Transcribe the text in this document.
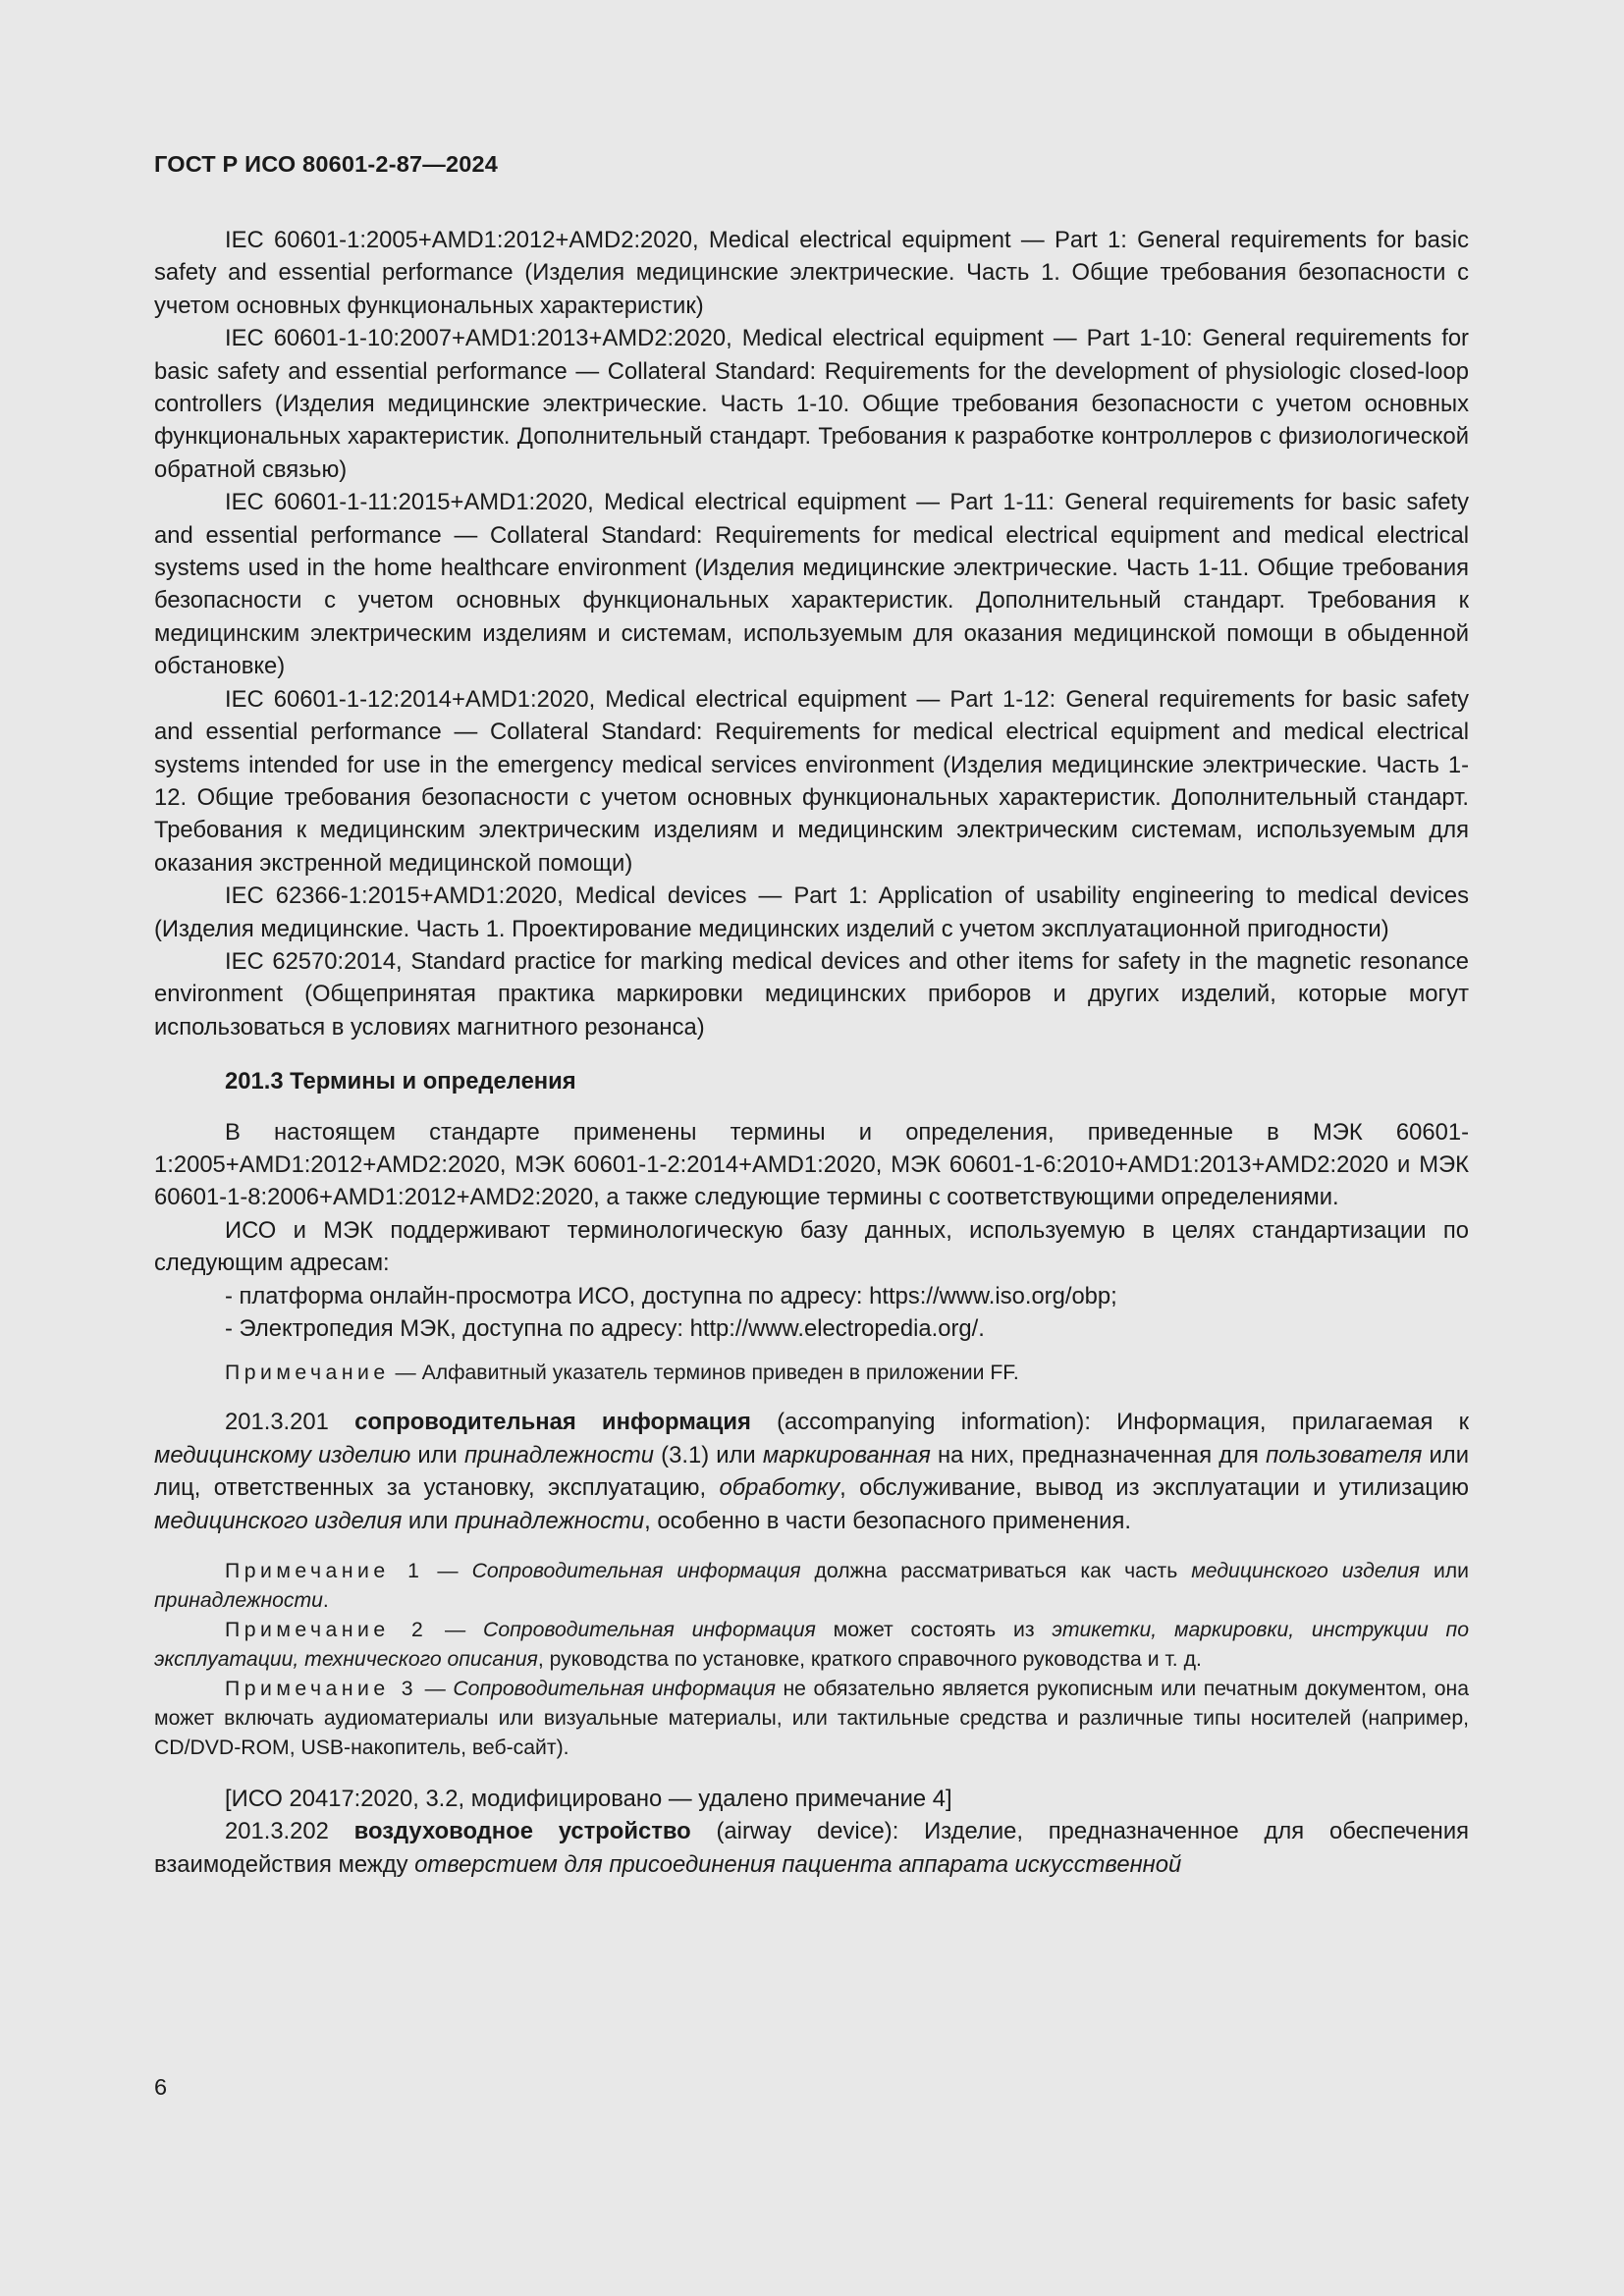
ГОСТ Р ИСО 80601-2-87—2024

IEC 60601-1:2005+AMD1:2012+AMD2:2020, Medical electrical equipment — Part 1: General requirements for basic safety and essential performance (Изделия медицинские электрические. Часть 1. Общие требования безопасности с учетом основных функциональных характеристик)

IEC 60601-1-10:2007+AMD1:2013+AMD2:2020, Medical electrical equipment — Part 1-10: General requirements for basic safety and essential performance — Collateral Standard: Requirements for the development of physiologic closed-loop controllers (Изделия медицинские электрические. Часть 1-10. Общие требования безопасности с учетом основных функциональных характеристик. Дополнительный стандарт. Требования к разработке контроллеров с физиологической обратной связью)

IEC 60601-1-11:2015+AMD1:2020, Medical electrical equipment — Part 1-11: General requirements for basic safety and essential performance — Collateral Standard: Requirements for medical electrical equipment and medical electrical systems used in the home healthcare environment (Изделия медицинские электрические. Часть 1-11. Общие требования безопасности с учетом основных функциональных характеристик. Дополнительный стандарт. Требования к медицинским электрическим изделиям и системам, используемым для оказания медицинской помощи в обыденной обстановке)

IEC 60601-1-12:2014+AMD1:2020, Medical electrical equipment — Part 1-12: General requirements for basic safety and essential performance — Collateral Standard: Requirements for medical electrical equipment and medical electrical systems intended for use in the emergency medical services environment (Изделия медицинские электрические. Часть 1-12. Общие требования безопасности с учетом основных функциональных характеристик. Дополнительный стандарт. Требования к медицинским электрическим изделиям и медицинским электрическим системам, используемым для оказания экстренной медицинской помощи)

IEC 62366-1:2015+AMD1:2020, Medical devices — Part 1: Application of usability engineering to medical devices (Изделия медицинские. Часть 1. Проектирование медицинских изделий с учетом эксплуатационной пригодности)

IEC 62570:2014, Standard practice for marking medical devices and other items for safety in the magnetic resonance environment (Общепринятая практика маркировки медицинских приборов и других изделий, которые могут использоваться в условиях магнитного резонанса)

201.3 Термины и определения

В настоящем стандарте применены термины и определения, приведенные в МЭК 60601-1:2005+AMD1:2012+AMD2:2020, МЭК 60601-1-2:2014+AMD1:2020, МЭК 60601-1-6:2010+AMD1:2013+AMD2:2020 и МЭК 60601-1-8:2006+AMD1:2012+AMD2:2020, а также следующие термины с соответствующими определениями.

ИСО и МЭК поддерживают терминологическую базу данных, используемую в целях стандартизации по следующим адресам:

- платформа онлайн-просмотра ИСО, доступна по адресу: https://www.iso.org/obp;

- Электропедия МЭК, доступна по адресу: http://www.electropedia.org/.

Примечание — Алфавитный указатель терминов приведен в приложении FF.

201.3.201 сопроводительная информация (accompanying information): Информация, прилагаемая к медицинскому изделию или принадлежности (3.1) или маркированная на них, предназначенная для пользователя или лиц, ответственных за установку, эксплуатацию, обработку, обслуживание, вывод из эксплуатации и утилизацию медицинского изделия или принадлежности, особенно в части безопасного применения.

Примечание 1 — Сопроводительная информация должна рассматриваться как часть медицинского изделия или принадлежности.

Примечание 2 — Сопроводительная информация может состоять из этикетки, маркировки, инструкции по эксплуатации, технического описания, руководства по установке, краткого справочного руководства и т. д.

Примечание 3 — Сопроводительная информация не обязательно является рукописным или печатным документом, она может включать аудиоматериалы или визуальные материалы, или тактильные средства и различные типы носителей (например, CD/DVD-ROM, USB-накопитель, веб-сайт).

[ИСО 20417:2020, 3.2, модифицировано — удалено примечание 4]

201.3.202 воздуховодное устройство (airway device): Изделие, предназначенное для обеспечения взаимодействия между отверстием для присоединения пациента аппарата искусственной

6
